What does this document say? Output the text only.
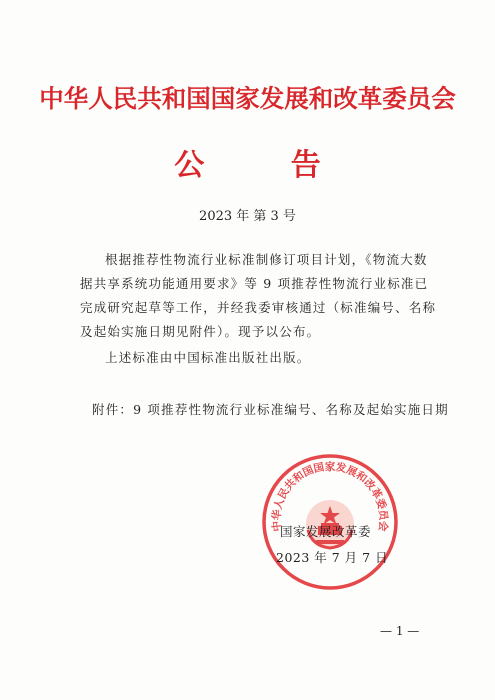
中华人民共和国国家发展和改革委员会
公 告
2023 年 第 3 号
根据推荐性物流行业标准制修订项目计划，《物流大数据共享系统功能通用要求》等 9 项推荐性物流行业标准已完成研究起草等工作，并经我委审核通过（标准编号、名称及起始实施日期见附件）。现予以公布。
上述标准由中国标准出版社出版。
附件：9 项推荐性物流行业标准编号、名称及起始实施日期
中华人民共和国国家发展和改革委员会
国家发展改革委
2023 年 7 月 7 日
— 1 —
